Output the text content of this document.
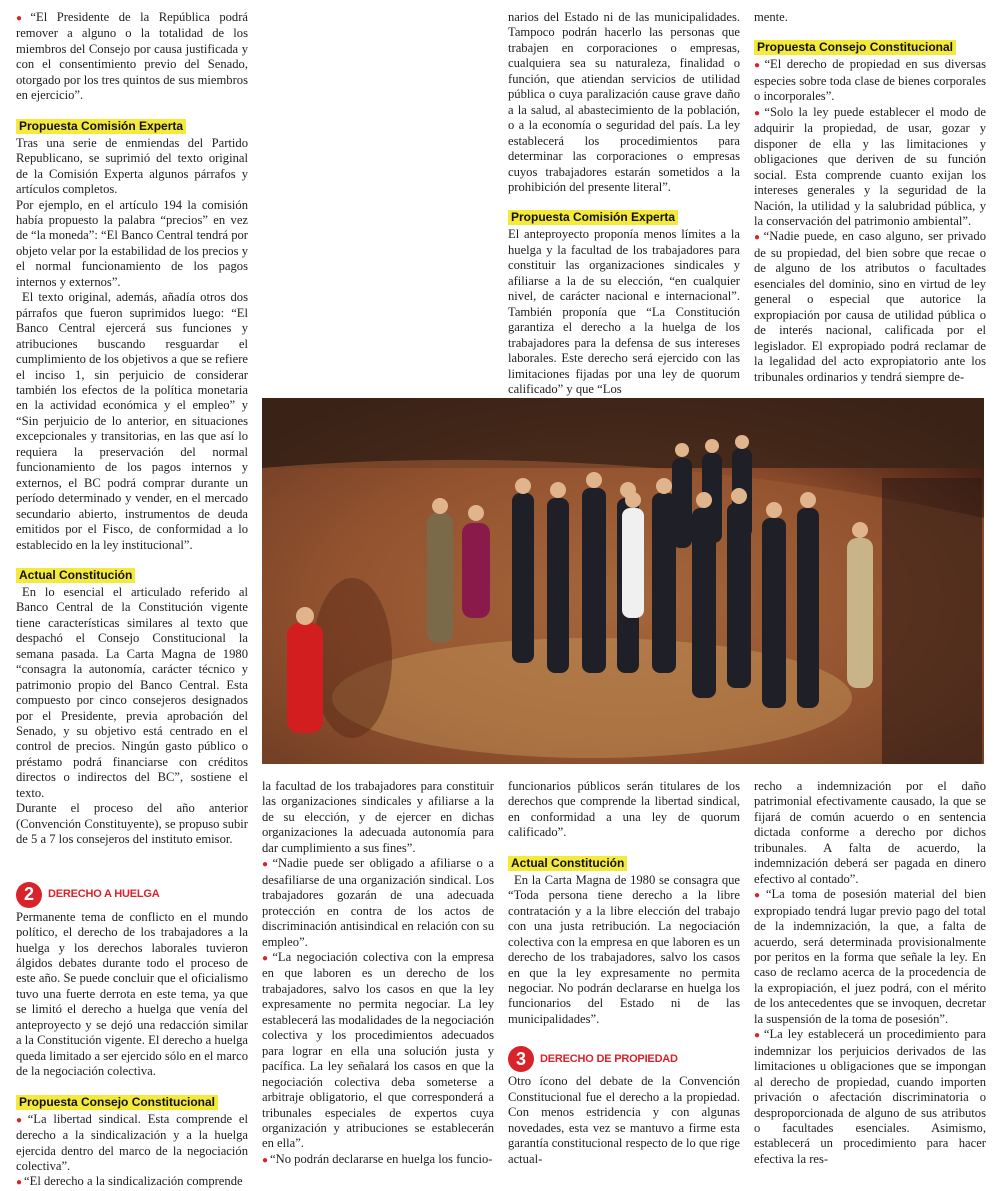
● “El Presidente de la República podrá remover a alguno o la totalidad de los miembros del Consejo por causa justificada y con el consentimiento previo del Senado, otorgado por los tres quintos de sus miembros en ejercicio”.

Propuesta Comisión Experta

Tras una serie de enmiendas del Partido Republicano, se suprimió del texto original de la Comisión Experta algunos párrafos y artículos completos.

Por ejemplo, en el artículo 194 la comisión había propuesto la palabra “precios” en vez de “la moneda”: “El Banco Central tendrá por objeto velar por la estabilidad de los precios y el normal funcionamiento de los pagos internos y externos”.

El texto original, además, añadía otros dos párrafos que fueron suprimidos luego: “El Banco Central ejercerá sus funciones y atribuciones buscando resguardar el cumplimiento de los objetivos a que se refiere el inciso 1, sin perjuicio de considerar también los efectos de la política monetaria en la actividad económica y el empleo” y “Sin perjuicio de lo anterior, en situaciones excepcionales y transitorias, en las que así lo requiera la preservación del normal funcionamiento de los pagos internos y externos, el BC podrá comprar durante un período determinado y vender, en el mercado secundario abierto, instrumentos de deuda emitidos por el Fisco, de conformidad a lo establecido en la ley institucional”.

Actual Constitución

En lo esencial el articulado referido al Banco Central de la Constitución vigente tiene características similares al texto que despachó el Consejo Constitucional la semana pasada. La Carta Magna de 1980 “consagra la autonomía, carácter técnico y patrimonio propio del Banco Central. Esta compuesto por cinco consejeros designados por el Presidente, previa aprobación del Senado, y su objetivo está centrado en el control de precios. Ningún gasto público o préstamo podrá financiarse con créditos directos o indirectos del BC”, sostiene el texto.

Durante el proceso del año anterior (Convención Constituyente), se propuso subir de 5 a 7 los consejeros del instituto emisor.

2	DERECHO A HUELGA

Permanente tema de conflicto en el mundo político, el derecho de los trabajadores a la huelga y los derechos laborales tuvieron álgidos debates durante todo el proceso de este año. Se puede concluir que el oficialismo tuvo una fuerte derrota en este tema, ya que se limitó el derecho a huelga que venía del anteproyecto y se dejó una redacción similar a la Constitución vigente. El derecho a huelga queda limitado a ser ejercido sólo en el marco de la negociación colectiva.

Propuesta Consejo Constitucional

● “La libertad sindical. Esta comprende el derecho a la sindicalización y a la huelga ejercida dentro del marco de la negociación colectiva”.

● “El derecho a la sindicalización comprende

narios del Estado ni de las municipalidades. Tampoco podrán hacerlo las personas que trabajen en corporaciones o empresas, cualquiera sea su naturaleza, finalidad o función, que atiendan servicios de utilidad pública o cuya paralización cause grave daño a la salud, al abastecimiento de la población, o a la economía o seguridad del país. La ley establecerá los procedimientos para determinar las corporaciones o empresas cuyos trabajadores estarán sometidos a la prohibición del presente literal”.

Propuesta Comisión Experta

El anteproyecto proponía menos límites a la huelga y la facultad de los trabajadores para constituir las organizaciones sindicales y afiliarse a la de su elección, “en cualquier nivel, de carácter nacional e internacional”. También proponía que “La Constitución garantiza el derecho a la huelga de los trabajadores para la defensa de sus intereses laborales. Este derecho será ejercido con las limitaciones fijadas por una ley de quorum calificado” y que “Los

mente.

Propuesta Consejo Constitucional

● “El derecho de propiedad en sus diversas especies sobre toda clase de bienes corporales o incorporales”.

● “Solo la ley puede establecer el modo de adquirir la propiedad, de usar, gozar y disponer de ella y las limitaciones y obligaciones que deriven de su función social. Esta comprende cuanto exijan los intereses generales y la seguridad de la Nación, la utilidad y la salubridad pública, y la conservación del patrimonio ambiental”.

● “Nadie puede, en caso alguno, ser privado de su propiedad, del bien sobre que recae o de alguno de los atributos o facultades esenciales del dominio, sino en virtud de ley general o especial que autorice la expropiación por causa de utilidad pública o de interés nacional, calificada por el legislador. El expropiado podrá reclamar de la legalidad del acto expropiatorio ante los tribunales ordinarios y tendrá siempre de-

la facultad de los trabajadores para constituir las organizaciones sindicales y afiliarse a la de su elección, y de ejercer en dichas organizaciones la adecuada autonomía para dar cumplimiento a sus fines”.

● “Nadie puede ser obligado a afiliarse o a desafiliarse de una organización sindical. Los trabajadores gozarán de una adecuada protección en contra de los actos de discriminación antisindical en relación con su empleo”.

● “La negociación colectiva con la empresa en que laboren es un derecho de los trabajadores, salvo los casos en que la ley expresamente no permita negociar. La ley establecerá las modalidades de la negociación colectiva y los procedimientos adecuados para lograr en ella una solución justa y pacífica. La ley señalará los casos en que la negociación colectiva deba someterse a arbitraje obligatorio, el que corresponderá a tribunales especiales de expertos cuya organización y atribuciones se establecerán en ella”.

● “No podrán declararse en huelga los funcio-

funcionarios públicos serán titulares de los derechos que comprende la libertad sindical, en conformidad a una ley de quorum calificado”.

Actual Constitución

En la Carta Magna de 1980 se consagra que “Toda persona tiene derecho a la libre contratación y a la libre elección del trabajo con una justa retribución. La negociación colectiva con la empresa en que laboren es un derecho de los trabajadores, salvo los casos en que la ley expresamente no permita negociar. No podrán declararse en huelga los funcionarios del Estado ni de las municipalidades”.

3	DERECHO DE PROPIEDAD

Otro ícono del debate de la Convención Constitucional fue el derecho a la propiedad. Con menos estridencia y con algunas novedades, esta vez se mantuvo a firme esta garantía constitucional respecto de lo que rige actual-

recho a indemnización por el daño patrimonial efectivamente causado, la que se fijará de común acuerdo o en sentencia dictada conforme a derecho por dichos tribunales. A falta de acuerdo, la indemnización deberá ser pagada en dinero efectivo al contado”.

● “La toma de posesión material del bien expropiado tendrá lugar previo pago del total de la indemnización, la que, a falta de acuerdo, será determinada provisionalmente por peritos en la forma que señale la ley. En caso de reclamo acerca de la procedencia de la expropiación, el juez podrá, con el mérito de los antecedentes que se invoquen, decretar la suspensión de la toma de posesión”.

● “La ley establecerá un procedimiento para indemnizar los perjuicios derivados de las limitaciones u obligaciones que se impongan al derecho de propiedad, cuando importen privación o afectación discriminatoria o desproporcionada de alguno de sus atributos o facultades esenciales. Asimismo, establecerá un procedimiento para hacer efectiva la res-
